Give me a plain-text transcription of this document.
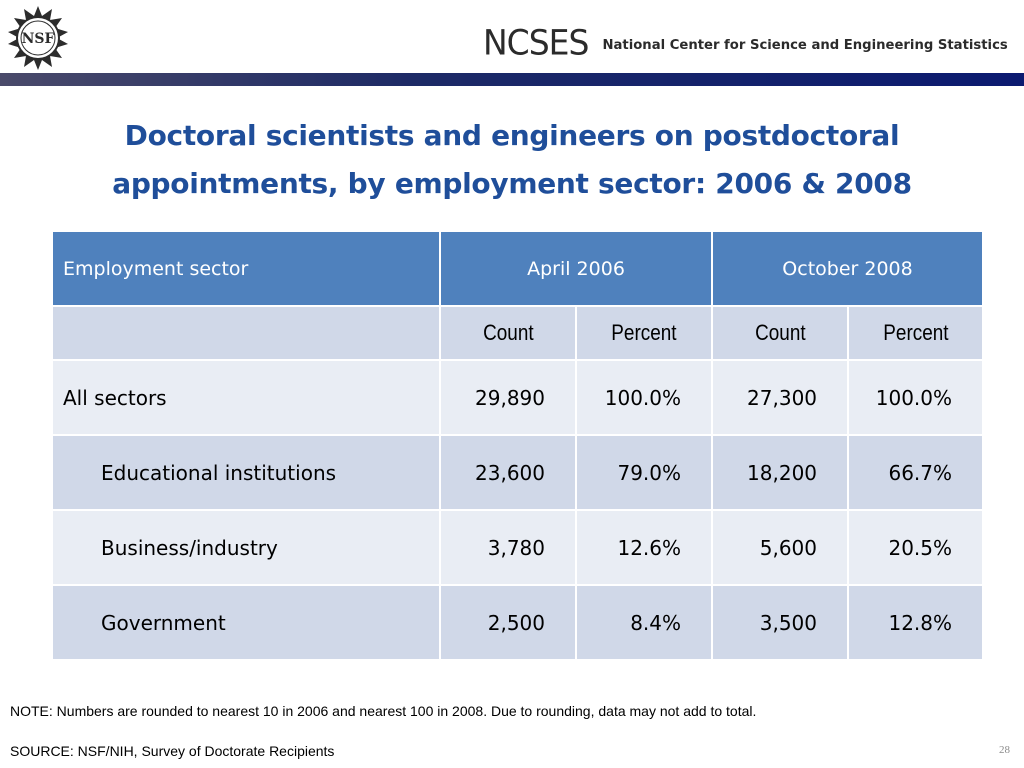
NSF	NCSES National Center for Science and Engineering Statistics
Doctoral scientists and engineers on postdoctoral
appointments, by employment sector: 2006 & 2008
Employment sector	April 2006		October 2008	
	Count	Percent	Count	Percent
All sectors	29,890	100.0%	27,300	100.0%
Educational institutions	23,600	79.0%	18,200	66.7%
Business/industry	3,780	12.6%	5,600	20.5%
Government	2,500	8.4%	3,500	12.8%
NOTE: Numbers are rounded to nearest 10 in 2006 and nearest 100 in 2008. Due to rounding, data may not add to total.
SOURCE: NSF/NIH, Survey of Doctorate Recipients	28
